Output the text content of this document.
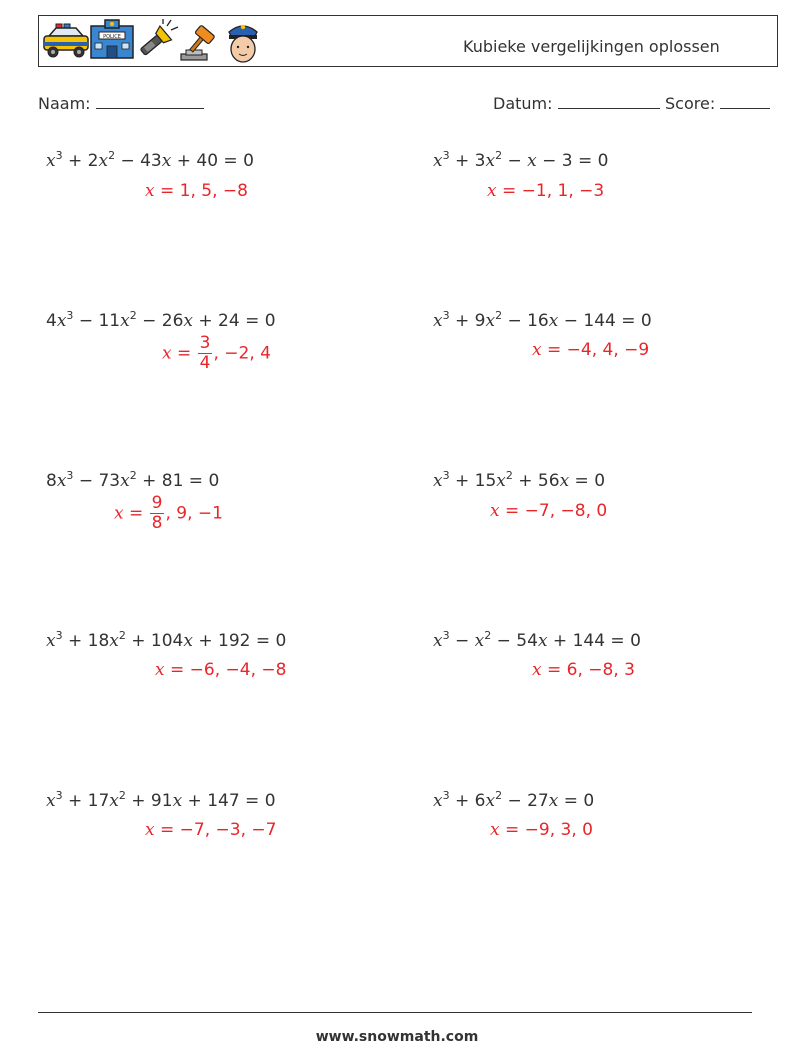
POLICE	Kubieke vergelijkingen oplossen
Naam:	Datum:	Score:
$x^3 + 2x^2 - 43x + 40 = 0$
x = 1, 5, −8
$x^3 + 3x^2 - x - 3 = 0$
x = −1, 1, −3
$4x^3 - 11x^2 - 26x + 24 = 0$
$x = \frac{3}{4}$ , −2, 4
$x^3 + 9x^2 - 16x - 144 = 0$
x = −4, 4, −9
$8x^3 - 73x^2 + 81 = 0$
$x = \frac{9}{8}$ , 9, −1
$x^3 + 15x^2 + 56x = 0$
x = −7, −8, 0
$x^3 + 18x^2 + 104x + 192 = 0$
x = −6, −4, −8
$x^3 - x^2 - 54x + 144 = 0$
x = 6, −8, 3
$x^3 + 17x^2 + 91x + 147 = 0$
x = −7, −3, −7
$x^3 + 6x^2 - 27x = 0$
x = −9, 3, 0
www.snowmath.com
